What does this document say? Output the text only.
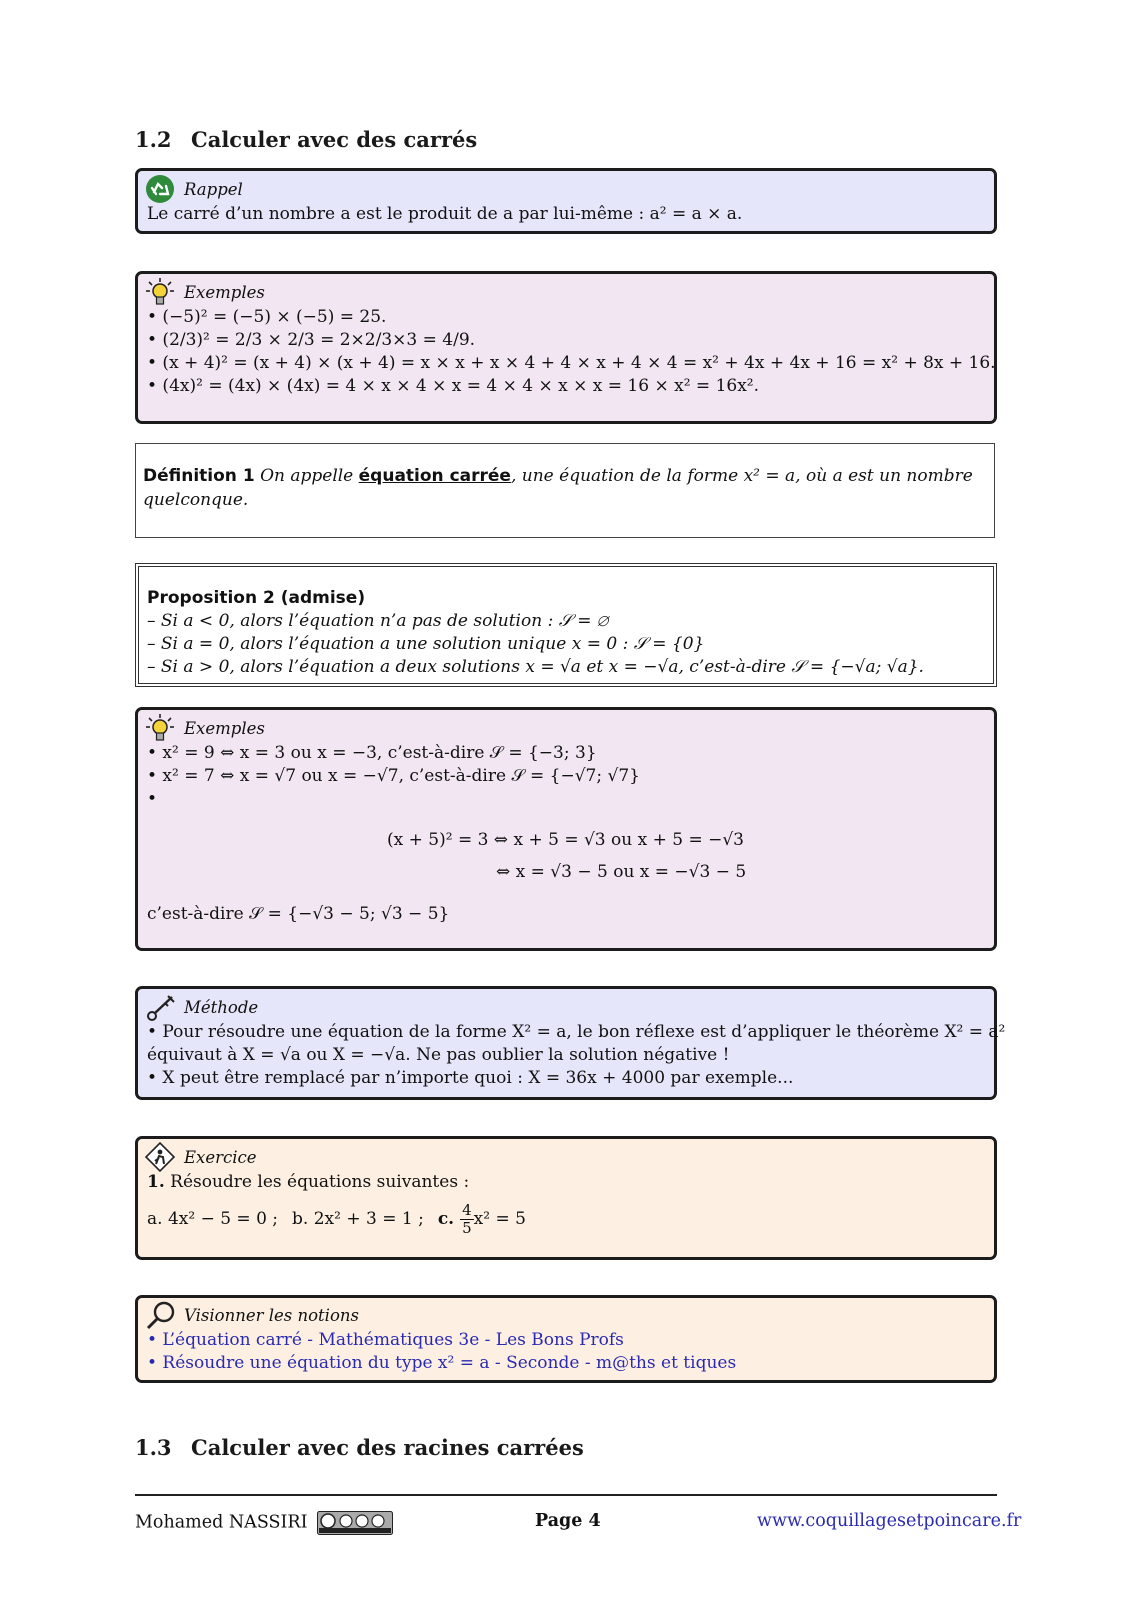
1.2 Calculer avec des carrés
Rappel
Le carré d’un nombre a est le produit de a par lui-même : a² = a × a.
Exemples
• (−5)² = (−5) × (−5) = 25.
• (2/3)² = 2/3 × 2/3 = 2×2/3×3 = 4/9.
• (x + 4)² = (x + 4) × (x + 4) = x × x + x × 4 + 4 × x + 4 × 4 = x² + 4x + 4x + 16 = x² + 8x + 16.
• (4x)² = (4x) × (4x) = 4 × x × 4 × x = 4 × 4 × x × x = 16 × x² = 16x².
Définition 1 On appelle équation carrée, une équation de la forme x² = a, où a est un nombre quelconque.
Proposition 2 (admise)
– Si a < 0, alors l’équation n’a pas de solution : 𝒮 = ∅
– Si a = 0, alors l’équation a une solution unique x = 0 : 𝒮 = {0}
– Si a > 0, alors l’équation a deux solutions x = √a et x = −√a, c’est-à-dire 𝒮 = {−√a; √a}.
Exemples
• x² = 9 ⇔ x = 3 ou x = −3, c’est-à-dire 𝒮 = {−3; 3}
• x² = 7 ⇔ x = √7 ou x = −√7, c’est-à-dire 𝒮 = {−√7; √7}
•
(x + 5)² = 3 ⇔ x + 5 = √3 ou x + 5 = −√3
⇔ x = √3 − 5 ou x = −√3 − 5
c’est-à-dire 𝒮 = {−√3 − 5; √3 − 5}
Méthode
• Pour résoudre une équation de la forme X² = a, le bon réflexe est d’appliquer le théorème X² = a²
équivaut à X = √a ou X = −√a. Ne pas oublier la solution négative !
• X peut être remplacé par n’importe quoi : X = 36x + 4000 par exemple...
Exercice
1. Résoudre les équations suivantes :
a. 4x² − 5 = 0 ; b. 2x² + 3 = 1 ; c. $\frac{4}{5} x^2 = 5$
Visionner les notions
• L’équation carré - Mathématiques 3e - Les Bons Profs
• Résoudre une équation du type x² = a - Seconde - m@ths et tiques
1.3 Calculer avec des racines carrées
Mohamed NASSIRI	Page 4	www.coquillagesetpoincare.fr
